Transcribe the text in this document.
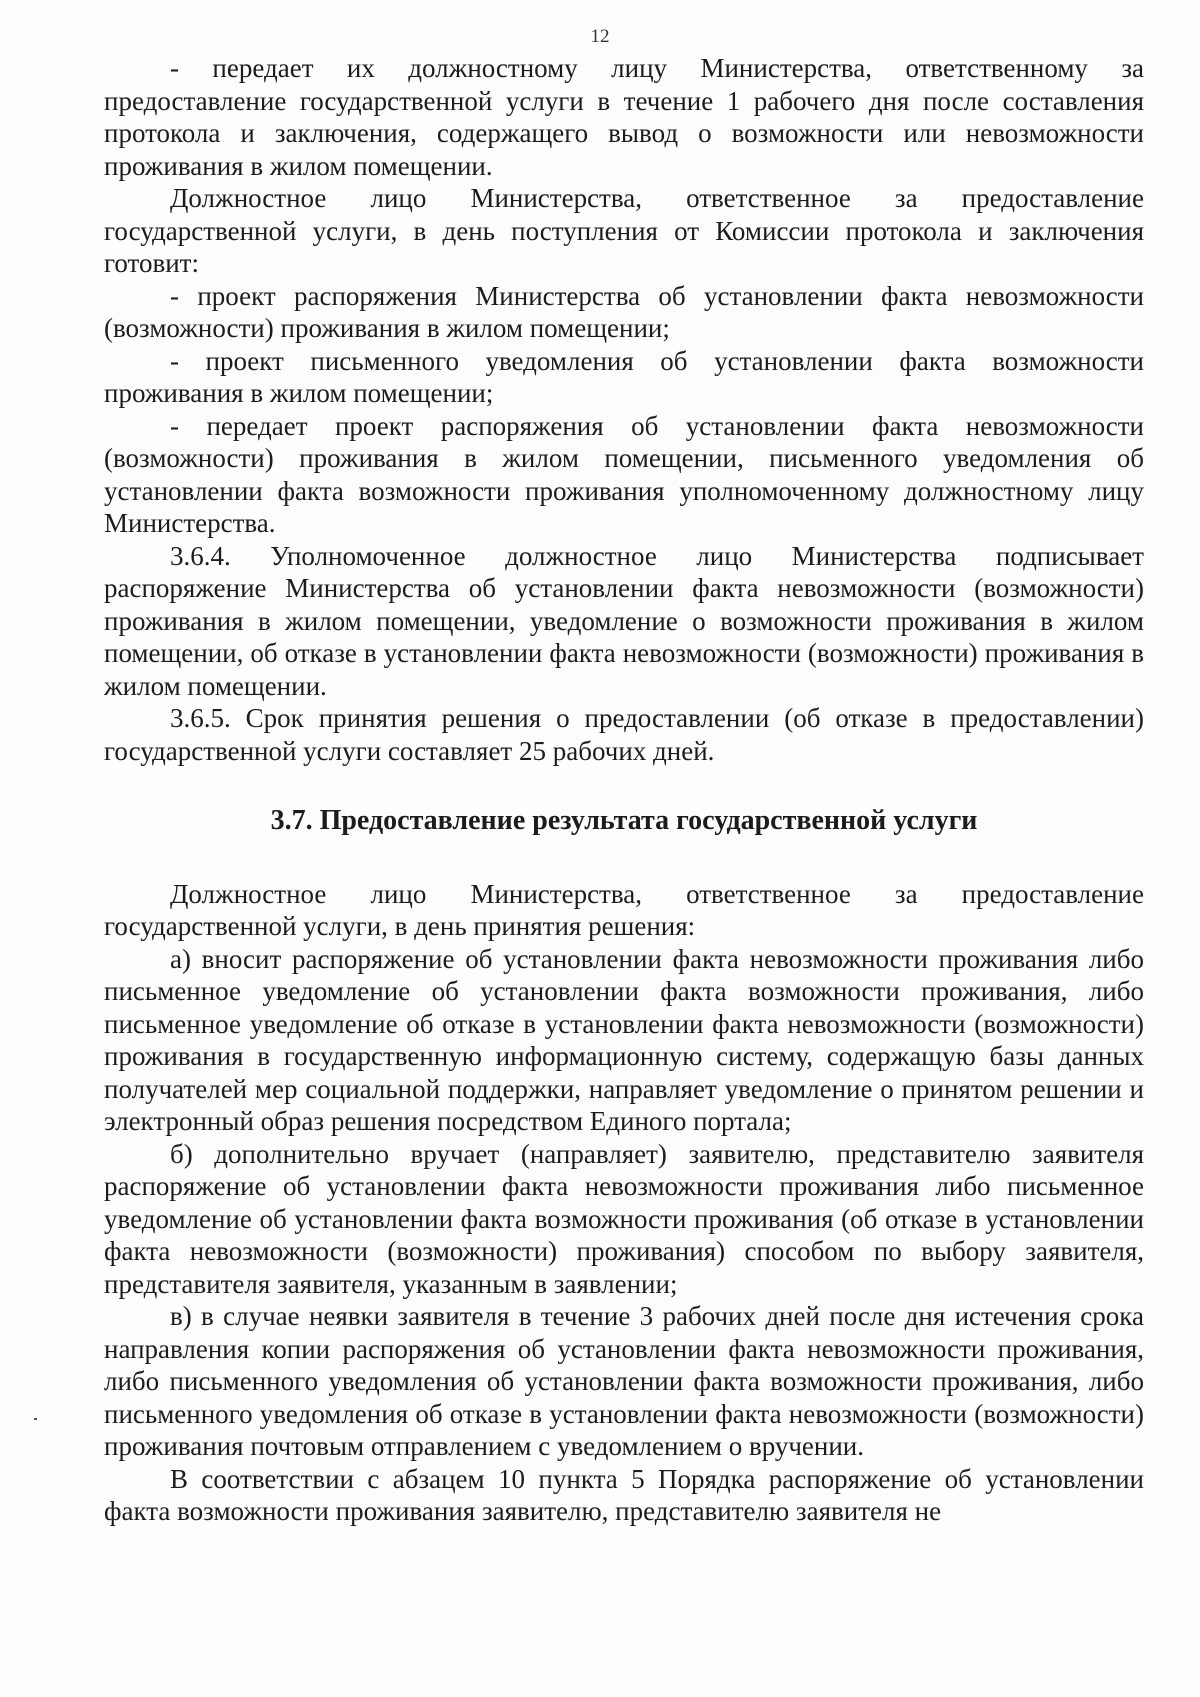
12

- передает их должностному лицу Министерства, ответственному за предоставление государственной услуги в течение 1 рабочего дня после составления протокола и заключения, содержащего вывод о возможности или невозможности проживания в жилом помещении.

Должностное лицо Министерства, ответственное за предоставление государственной услуги, в день поступления от Комиссии протокола и заключения готовит:

- проект распоряжения Министерства об установлении факта невозможности (возможности) проживания в жилом помещении;

- проект письменного уведомления об установлении факта возможности проживания в жилом помещении;

- передает проект распоряжения об установлении факта невозможности (возможности) проживания в жилом помещении, письменного уведомления об установлении факта возможности проживания уполномоченному должностному лицу Министерства.

3.6.4. Уполномоченное должностное лицо Министерства подписывает распоряжение Министерства об установлении факта невозможности (возможности) проживания в жилом помещении, уведомление о возможности проживания в жилом помещении, об отказе в установлении факта невозможности (возможности) проживания в жилом помещении.

3.6.5. Срок принятия решения о предоставлении (об отказе в предоставлении) государственной услуги составляет 25 рабочих дней.

3.7. Предоставление результата государственной услуги

Должностное лицо Министерства, ответственное за предоставление государственной услуги, в день принятия решения:

а) вносит распоряжение об установлении факта невозможности проживания либо письменное уведомление об установлении факта возможности проживания, либо письменное уведомление об отказе в установлении факта невозможности (возможности) проживания в государственную информационную систему, содержащую базы данных получателей мер социальной поддержки, направляет уведомление о принятом решении и электронный образ решения посредством Единого портала;

б) дополнительно вручает (направляет) заявителю, представителю заявителя распоряжение об установлении факта невозможности проживания либо письменное уведомление об установлении факта возможности проживания (об отказе в установлении факта невозможности (возможности) проживания) способом по выбору заявителя, представителя заявителя, указанным в заявлении;

в) в случае неявки заявителя в течение 3 рабочих дней после дня истечения срока направления копии распоряжения об установлении факта невозможности проживания, либо письменного уведомления об установлении факта возможности проживания, либо письменного уведомления об отказе в установлении факта невозможности (возможности) проживания почтовым отправлением с уведомлением о вручении.

В соответствии с абзацем 10 пункта 5 Порядка распоряжение об установлении факта возможности проживания заявителю, представителю заявителя не
